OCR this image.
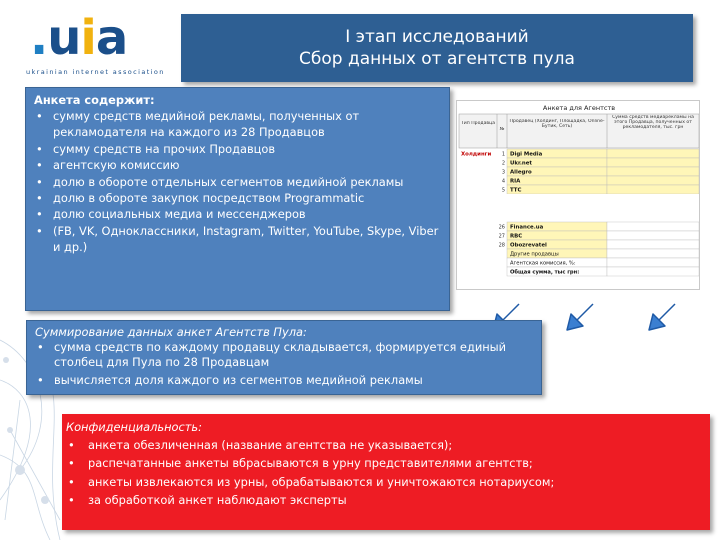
.uia
ukrainian internet association
I этап исследований
Сбор данных от агентств пула
Анкета содержит:
• сумму средств медийной рекламы, полученных от рекламодателя на каждого из 28 Продавцов
• сумму средств на прочих Продавцов
• агентскую комиссию
• долю в обороте отдельных сегментов медийной рекламы
• долю в обороте закупок посредством Programmatic
• долю социальных медиа и мессенджеров
• (FB, VK, Одноклассники, Instagram, Twitter, YouTube, Skype, Viber и др.)
Анкета для Агентств
Тип Продавца
№
Продавец (Холдинг, Площадка, Online-Бутик, Сеть)
Сумма средств медиарекламы на этого Продавца, полученных от рекламодателя, тыс. грн
1 Digi Media
2 Ukr.net
3 Allegro
4 RIA
5 TTC
Холдинги
26 Finance.ua
27 RBC
28 Obozrevatel
Другие продавцы
Агентская комиссия, %:
Общая сумма, тыс грн:
Суммирование данных анкет Агентств Пула:
• сумма средств по каждому продавцу складывается, формируется единый столбец для Пула по 28 Продавцам
• вычисляется доля каждого из сегментов медийной рекламы
Конфиденциальность:
• анкета обезличенная (название агентства не указывается);
• распечатанные анкеты вбрасываются в урну представителями агентств;
• анкеты извлекаются из урны, обрабатываются и уничтожаются нотариусом;
• за обработкой анкет наблюдают эксперты
